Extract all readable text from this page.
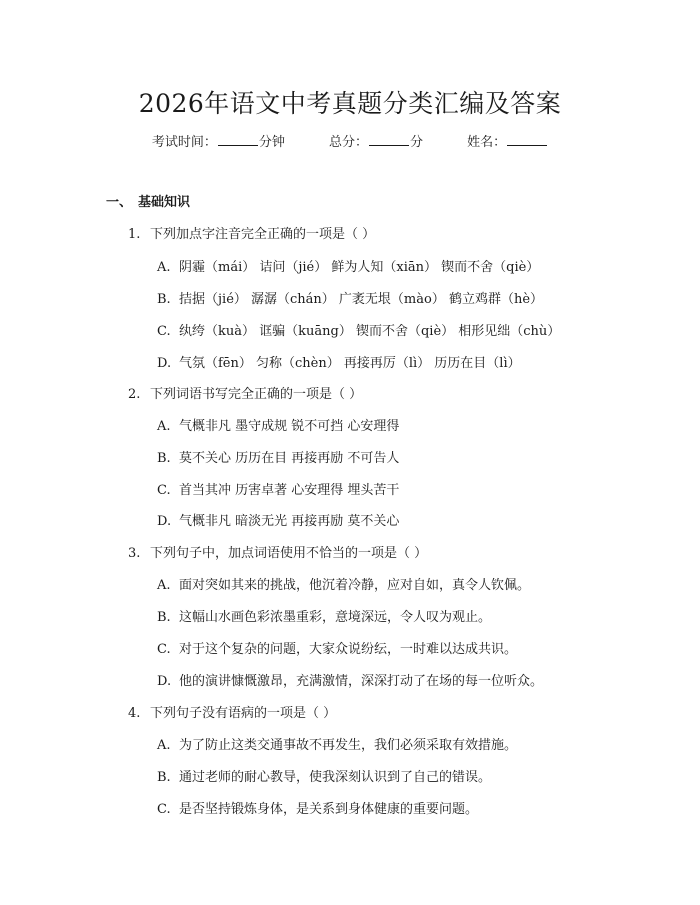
2026年语文中考真题分类汇编及答案
考试时间：	分钟	总分：	分	姓名：
一、 基础知识
1. 下列加点字注音完全正确的一项是（ ）
A. 阴霾（mái） 诘问（jié） 鲜为人知（xiān） 锲而不舍（qiè）
B. 拮据（jié） 潺潺（chán） 广袤无垠（mào） 鹤立鸡群（hè）
C. 纨绔（kuà） 诓骗（kuāng） 锲而不舍（qiè） 相形见绌（chù）
D. 气氛（fēn） 匀称（chèn） 再接再厉（lì） 历历在目（lì）
2. 下列词语书写完全正确的一项是（ ）
A. 气概非凡 墨守成规 锐不可挡 心安理得
B. 莫不关心 历历在目 再接再励 不可告人
C. 首当其冲 历害卓著 心安理得 埋头苦干
D. 气概非凡 暗淡无光 再接再励 莫不关心
3. 下列句子中，加点词语使用不恰当的一项是（ ）
A. 面对突如其来的挑战，他沉着冷静，应对自如，真令人钦佩。
B. 这幅山水画色彩浓墨重彩，意境深远，令人叹为观止。
C. 对于这个复杂的问题，大家众说纷纭，一时难以达成共识。
D. 他的演讲慷慨激昂，充满激情，深深打动了在场的每一位听众。
4. 下列句子没有语病的一项是（ ）
A. 为了防止这类交通事故不再发生，我们必须采取有效措施。
B. 通过老师的耐心教导，使我深刻认识到了自己的错误。
C. 是否坚持锻炼身体，是关系到身体健康的重要问题。
